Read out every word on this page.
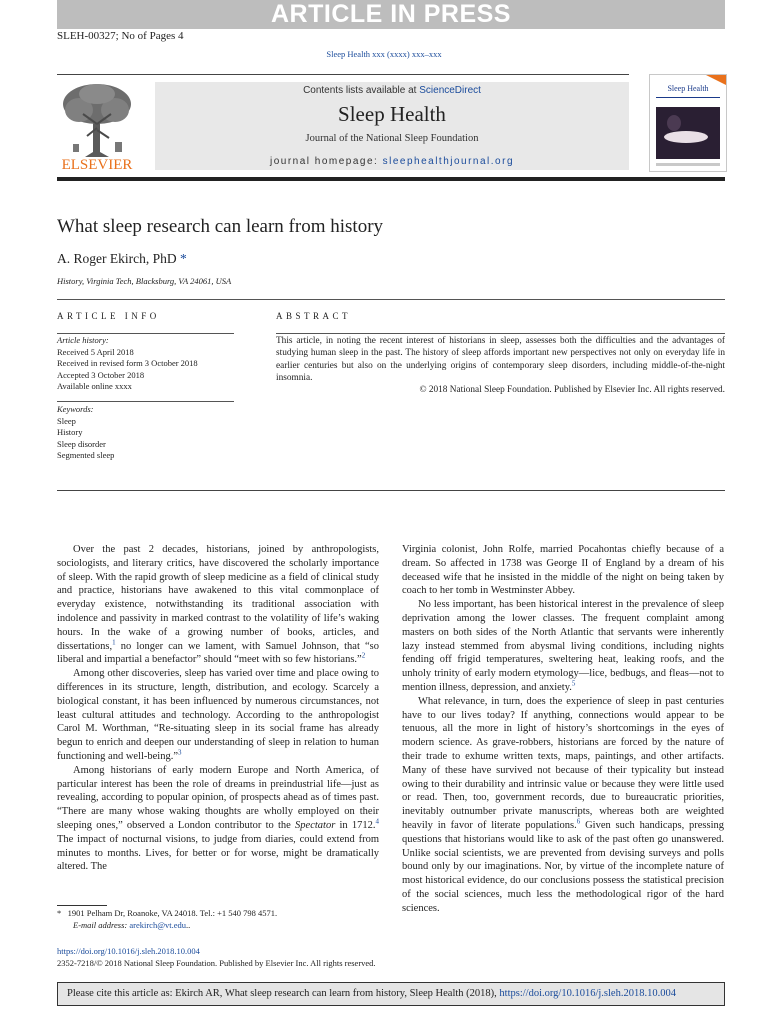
ARTICLE IN PRESS
SLEH-00327; No of Pages 4
Sleep Health xxx (xxxx) xxx–xxx
ELSEVIER
Contents lists available at ScienceDirect
Sleep Health
Journal of the National Sleep Foundation
journal homepage: sleephealthjournal.org
Sleep Health
What sleep research can learn from history
A. Roger Ekirch, PhD *
History, Virginia Tech, Blacksburg, VA 24061, USA
ARTICLE INFO	ABSTRACT
Article history:
Received 5 April 2018
Received in revised form 3 October 2018
Accepted 3 October 2018
Available online xxxx
Keywords:
Sleep
History
Sleep disorder
Segmented sleep
This article, in noting the recent interest of historians in sleep, assesses both the difficulties and the advantages of studying human sleep in the past. The history of sleep affords important new perspectives not only on everyday life in earlier centuries but also on the underlying origins of contemporary sleep disorders, including middle-of-the-night insomnia.
© 2018 National Sleep Foundation. Published by Elsevier Inc. All rights reserved.

Over the past 2 decades, historians, joined by anthropologists, sociologists, and literary critics, have discovered the scholarly importance of sleep. With the rapid growth of sleep medicine as a field of clinical study and practice, historians have awakened to this vital commonplace of everyday existence, notwithstanding its traditional association with indolence and passivity in marked contrast to the volatility of life’s waking hours. In the wake of a growing number of books, articles, and dissertations,$^1$ no longer can we lament, with Samuel Johnson, that “so liberal and impartial a benefactor” should “meet with so few historians.”$^2$

Among other discoveries, sleep has varied over time and place owing to differences in its structure, length, distribution, and ecology. Scarcely a biological constant, it has been influenced by numerous circumstances, not least cultural attitudes and technology. According to the anthropologist Carol M. Worthman, “Re-situating sleep in its social frame has already begun to enrich and deepen our understanding of sleep in relation to human functioning and well-being.”$^3$

Among historians of early modern Europe and North America, of particular interest has been the role of dreams in preindustrial life—just as revealing, according to popular opinion, of prospects ahead as of times past. “There are many whose waking thoughts are wholly employed on their sleeping ones,” observed a London contributor to the Spectator in 1712.$^4$ The impact of nocturnal visions, to judge from diaries, could extend from minutes to months. Lives, for better or for worse, might be dramatically altered. The

Virginia colonist, John Rolfe, married Pocahontas chiefly because of a dream. So affected in 1738 was George II of England by a dream of his deceased wife that he insisted in the middle of the night on being taken by coach to her tomb in Westminster Abbey.

No less important, has been historical interest in the prevalence of sleep deprivation among the lower classes. The frequent complaint among masters on both sides of the North Atlantic that servants were inherently lazy instead stemmed from abysmal living conditions, including nights fending off frigid temperatures, sweltering heat, leaking roofs, and the unholy trinity of early modern etymology—lice, bedbugs, and fleas—not to mention illness, depression, and anxiety.$^5$

What relevance, in turn, does the experience of sleep in past centuries have to our lives today? If anything, connections would appear to be tenuous, all the more in light of history’s shortcomings in the eyes of modern science. As grave-robbers, historians are forced by the nature of their trade to exhume written texts, maps, paintings, and other artifacts. Many of these have survived not because of their typicality but instead owing to their durability and intrinsic value or because they were little used or read. Then, too, government records, due to bureaucratic priorities, inevitably outnumber private manuscripts, whereas both are weighted heavily in favor of literate populations.$^6$ Given such handicaps, pressing questions that historians would like to ask of the past often go unanswered. Unlike social scientists, we are prevented from devising surveys and polls bound only by our imaginations. Nor, by virtue of the incomplete nature of most historical evidence, do our conclusions possess the statistical precision of the social sciences, much less the methodological rigor of the hard sciences.

* 1901 Pelham Dr, Roanoke, VA 24018. Tel.: +1 540 798 4571.
E-mail address: arekirch@vt.edu..
https://doi.org/10.1016/j.sleh.2018.10.004
2352-7218/© 2018 National Sleep Foundation. Published by Elsevier Inc. All rights reserved.
Please cite this article as: Ekirch AR, What sleep research can learn from history, Sleep Health (2018), https://doi.org/10.1016/j.sleh.2018.10.004
